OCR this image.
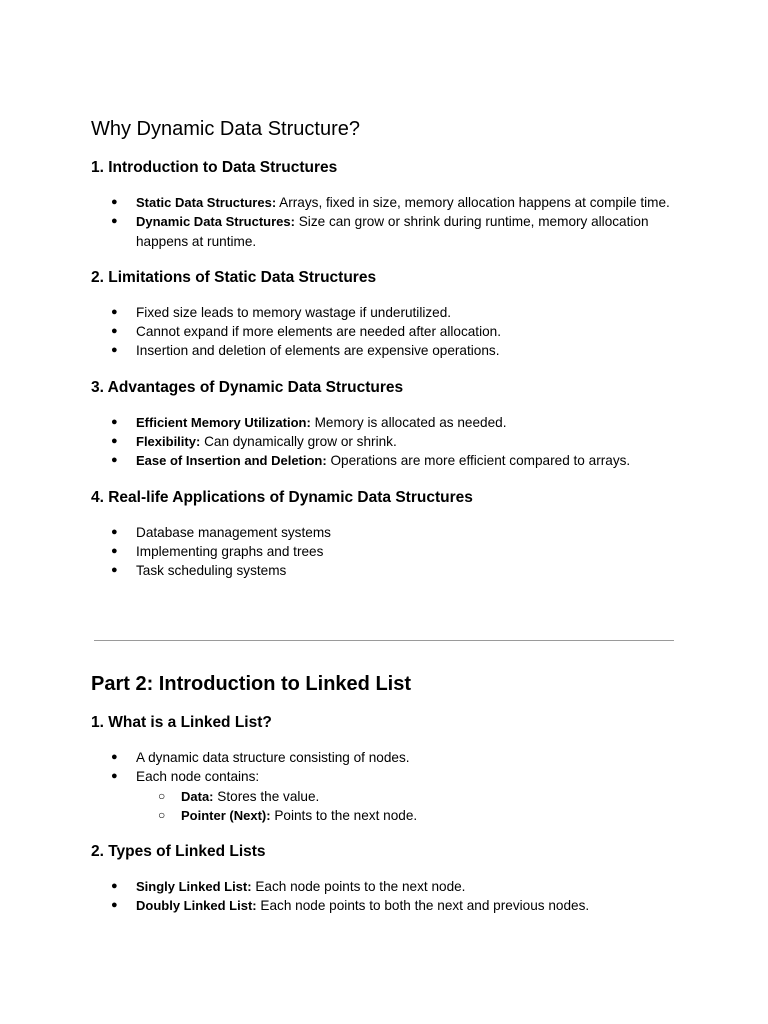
Why Dynamic Data Structure?
1. Introduction to Data Structures
● Static Data Structures: Arrays, fixed in size, memory allocation happens at compile time.
● Dynamic Data Structures: Size can grow or shrink during runtime, memory allocation happens at runtime.
2. Limitations of Static Data Structures
● Fixed size leads to memory wastage if underutilized.
● Cannot expand if more elements are needed after allocation.
● Insertion and deletion of elements are expensive operations.
3. Advantages of Dynamic Data Structures
● Efficient Memory Utilization: Memory is allocated as needed.
● Flexibility: Can dynamically grow or shrink.
● Ease of Insertion and Deletion: Operations are more efficient compared to arrays.
4. Real-life Applications of Dynamic Data Structures
● Database management systems
● Implementing graphs and trees
● Task scheduling systems
Part 2: Introduction to Linked List
1. What is a Linked List?
● A dynamic data structure consisting of nodes.
● Each node contains:
○ Data: Stores the value.
○ Pointer (Next): Points to the next node.
2. Types of Linked Lists
● Singly Linked List: Each node points to the next node.
● Doubly Linked List: Each node points to both the next and previous nodes.
